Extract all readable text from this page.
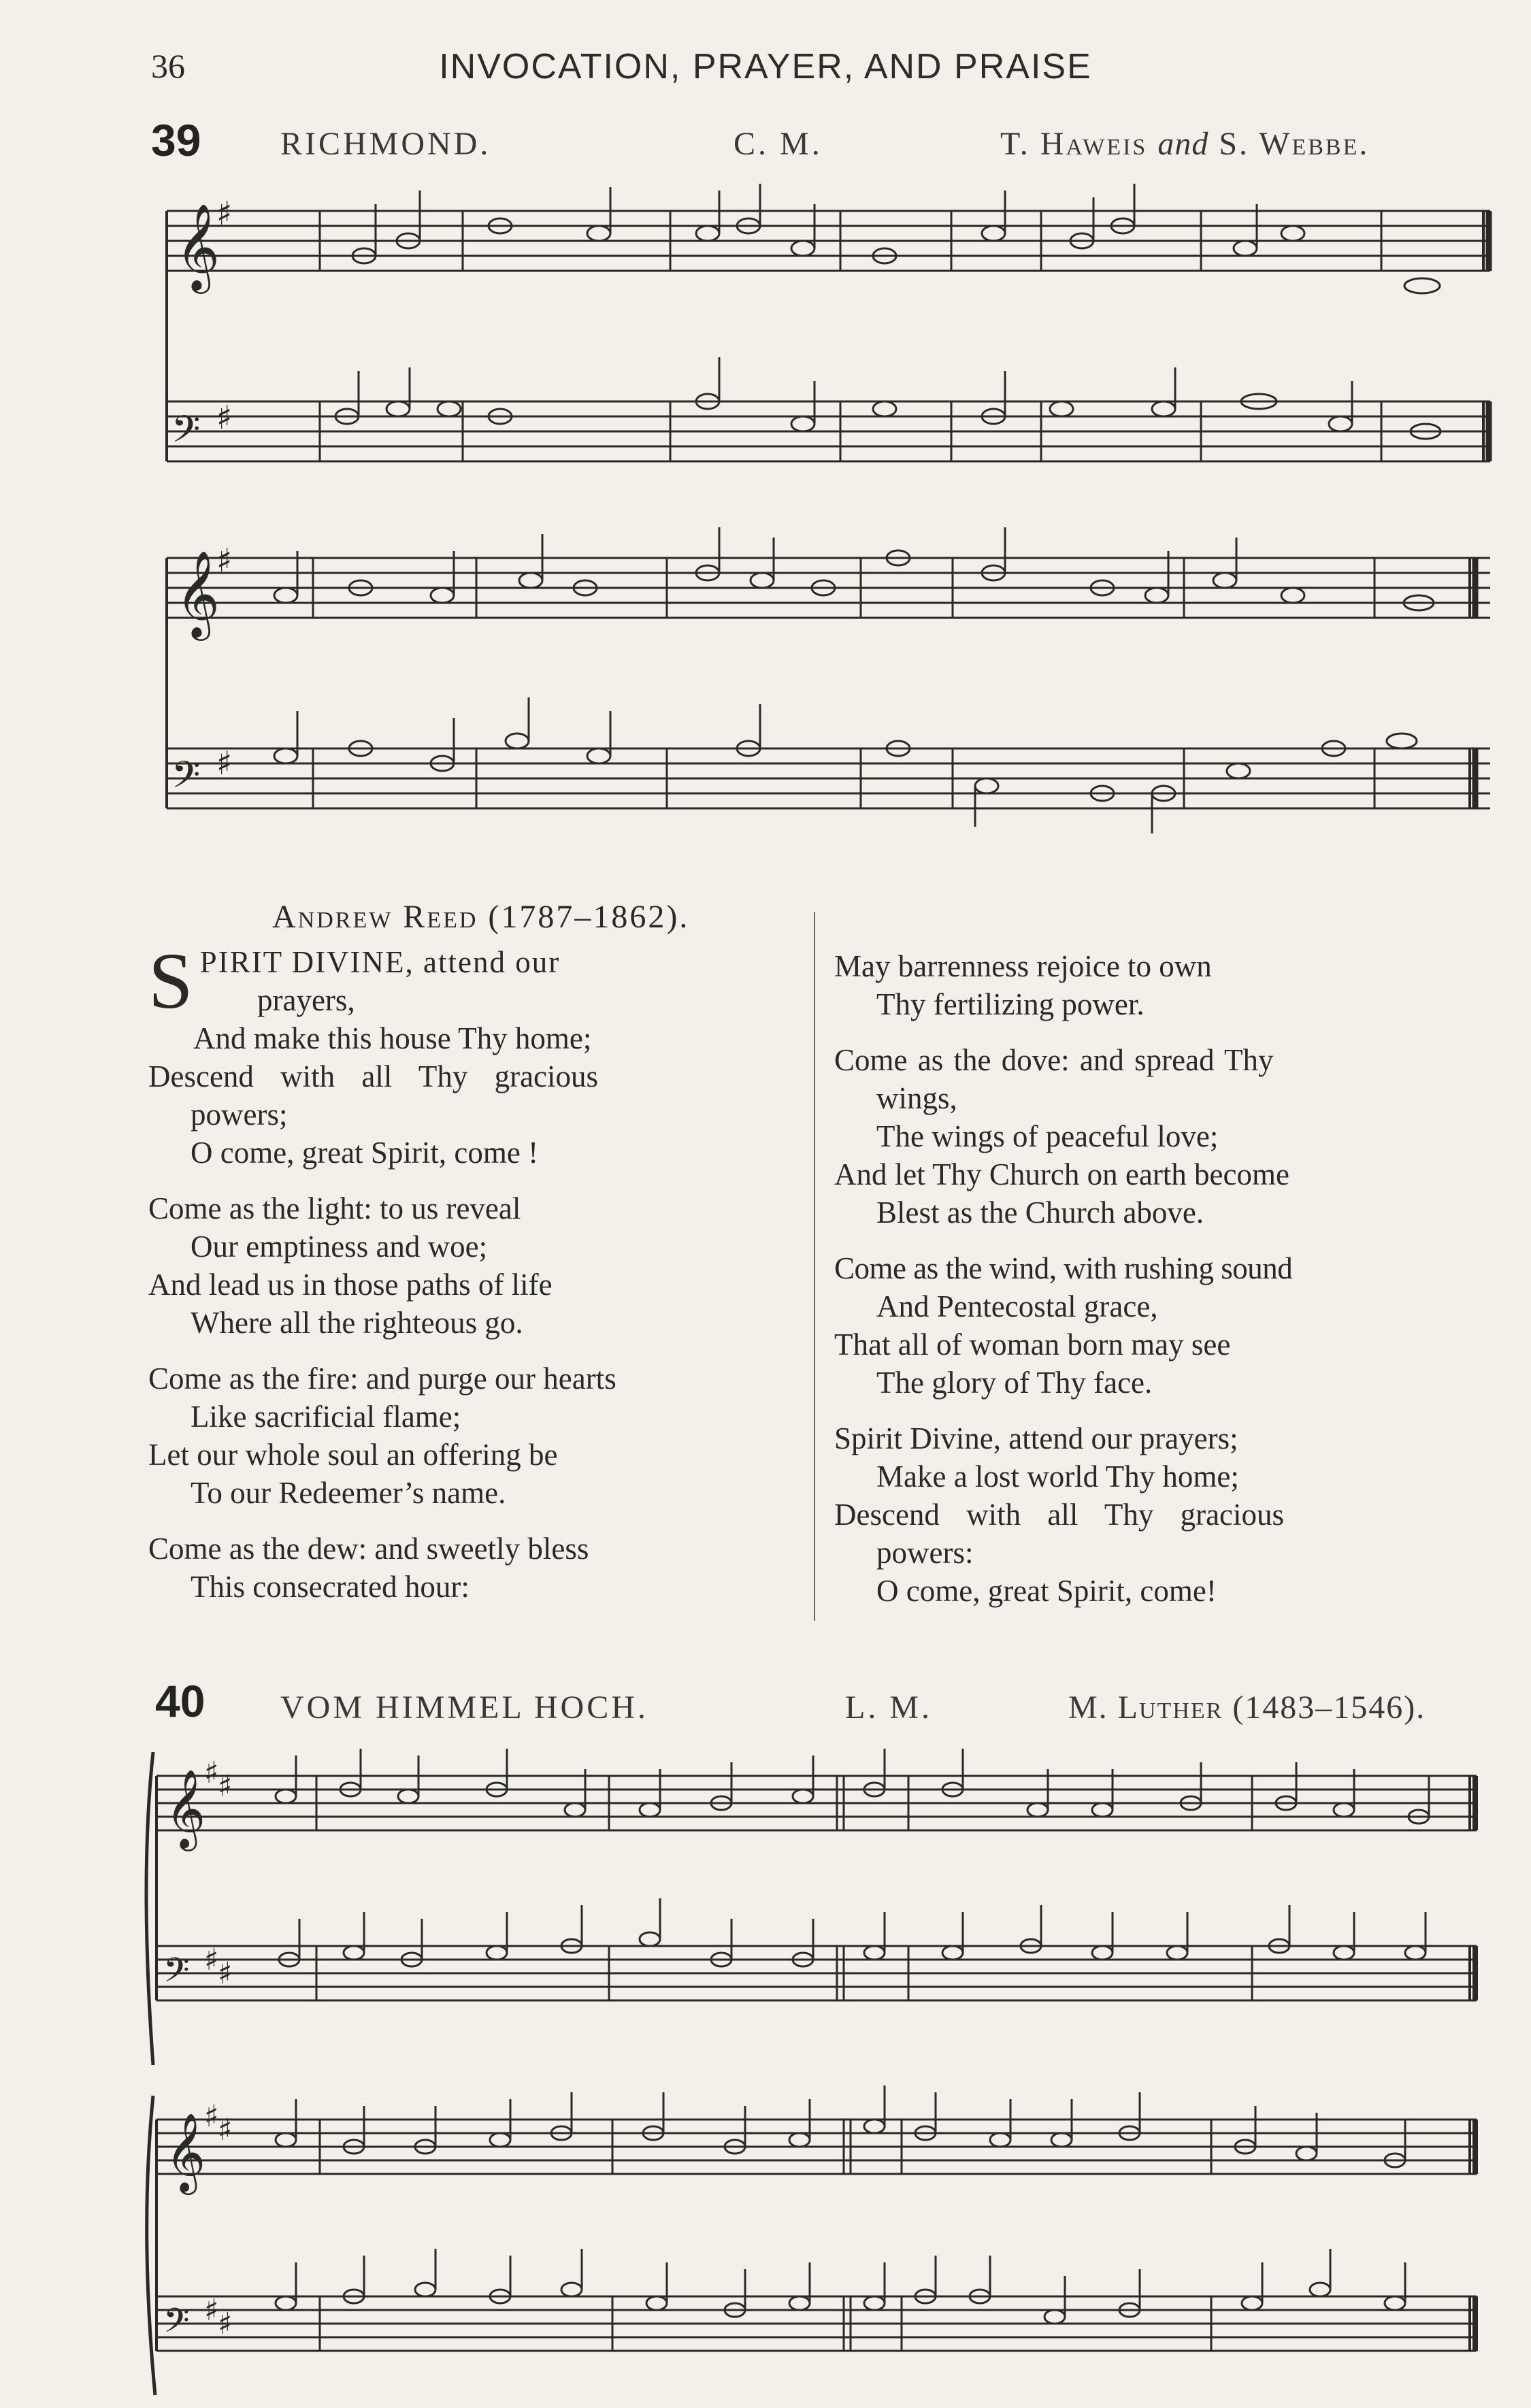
36	INVOCATION, PRAYER, AND PRAISE
39 RICHMOND.	C. M.	T. Haweis and S. Webbe.
𝄞
♯
𝄢 ♯
𝄞
♯
𝄢 ♯
𝄞
♯
♯
𝄢 ♯
♯
𝄞
♯
♯
𝄢 ♯
♯
Andrew Reed (1787–1862).
S PIRIT DIVINE, attend our
prayers,
And make this house Thy home;
Descend with all Thy gracious
powers;
O come, great Spirit, come !
Come as the light: to us reveal
Our emptiness and woe;
And lead us in those paths of life
Where all the righteous go.
Come as the fire: and purge our hearts
Like sacrificial flame;
Let our whole soul an offering be
To our Redeemer’s name.
Come as the dew: and sweetly bless
This consecrated hour:
May barrenness rejoice to own
Thy fertilizing power.
Come as the dove: and spread Thy
wings,
The wings of peaceful love;
And let Thy Church on earth become
Blest as the Church above.
Come as the wind, with rushing sound
And Pentecostal grace,
That all of woman born may see
The glory of Thy face.
Spirit Divine, attend our prayers;
Make a lost world Thy home;
Descend with all Thy gracious
powers:
O come, great Spirit, come!
40 VOM HIMMEL HOCH.	L. M.	M. Luther (1483–1546).
